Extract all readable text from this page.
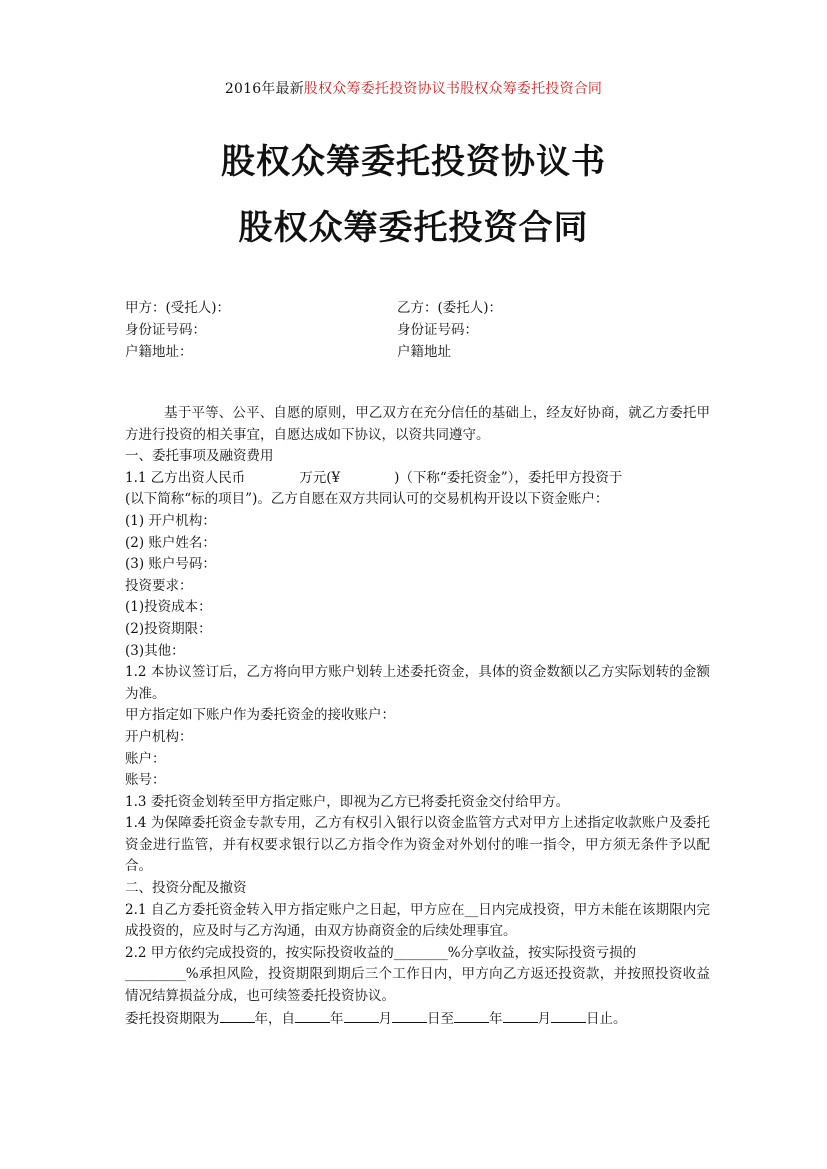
2016年最新股权众筹委托投资协议书股权众筹委托投资合同
股权众筹委托投资协议书
股权众筹委托投资合同
甲方：(受托人)：	乙方：(委托人)：
身份证号码：	身份证号码：
户籍地址：	户籍地址

基于平等、公平、自愿的原则，甲乙双方在充分信任的基础上，经友好协商，就乙方委托甲方进行投资的相关事宜，自愿达成如下协议，以资共同遵守。

一、委托事项及融资费用

1.1 乙方出资人民币　　　　万元(¥　　　　)（下称“委托资金”），委托甲方投资于

(以下简称“标的项目”)。乙方自愿在双方共同认可的交易机构开设以下资金账户：

(1) 开户机构：

(2) 账户姓名：

(3) 账户号码：

投资要求：

(1)投资成本：

(2)投资期限：

(3)其他：

1.2 本协议签订后，乙方将向甲方账户划转上述委托资金，具体的资金数额以乙方实际划转的金额为准。

甲方指定如下账户作为委托资金的接收账户：

开户机构：

账户：

账号：

1.3 委托资金划转至甲方指定账户，即视为乙方已将委托资金交付给甲方。

1.4 为保障委托资金专款专用，乙方有权引入银行以资金监管方式对甲方上述指定收款账户及委托资金进行监管，并有权要求银行以乙方指令作为资金对外划付的唯一指令，甲方须无条件予以配合。

二、投资分配及撤资

2.1 自乙方委托资金转入甲方指定账户之日起，甲方应在__日内完成投资，甲方未能在该期限内完成投资的，应及时与乙方沟通，由双方协商资金的后续处理事宜。

2.2 甲方依约完成投资的，按实际投资收益的________%分享收益，按实际投资亏损的

_________%承担风险，投资期限到期后三个工作日内，甲方向乙方返还投资款，并按照投资收益情况结算损益分成，也可续签委托投资协议。

委托投资期限为	年，自	年	月	日至	年	月	日止。
